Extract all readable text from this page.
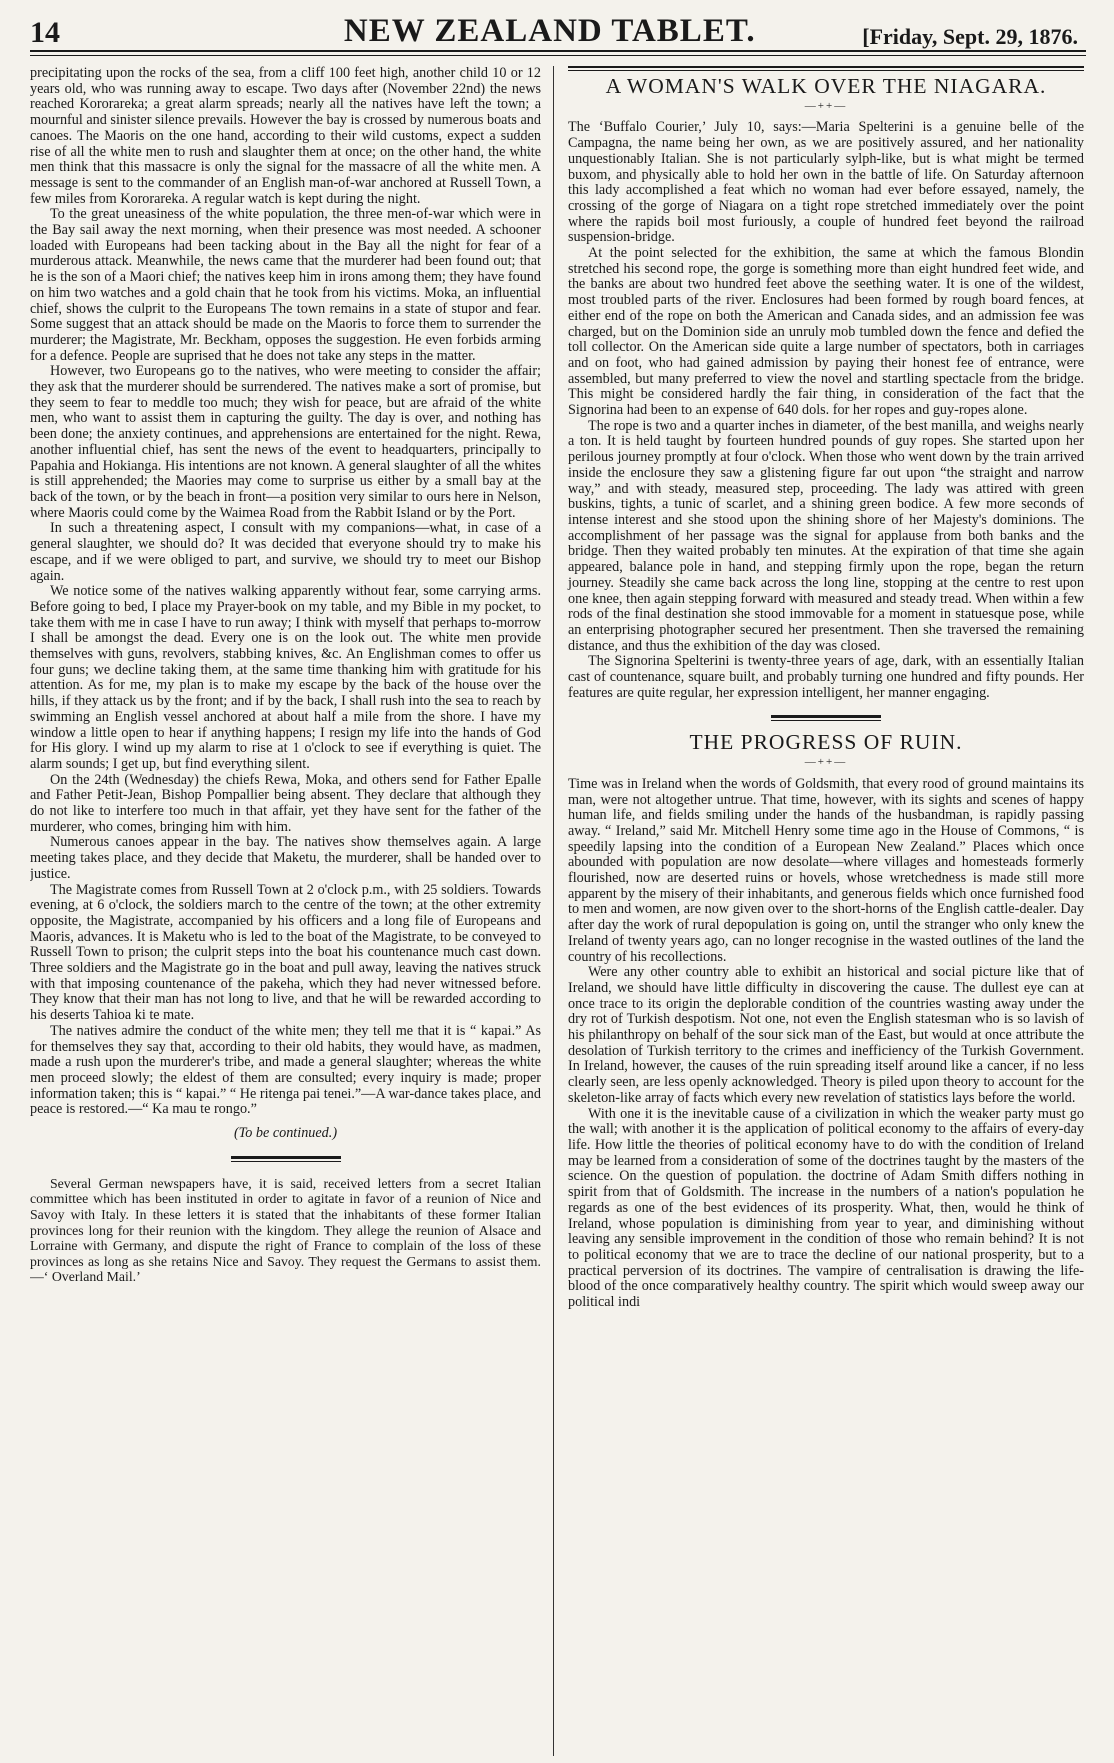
14	NEW ZEALAND TABLET.	[Friday, Sept. 29, 1876.

precipitating upon the rocks of the sea, from a cliff 100 feet high, another child 10 or 12 years old, who was running away to escape. Two days after (November 22nd) the news reached Kororareka; a great alarm spreads; nearly all the natives have left the town; a mournful and sinister silence prevails. However the bay is crossed by numerous boats and canoes. The Maoris on the one hand, according to their wild customs, expect a sudden rise of all the white men to rush and slaughter them at once; on the other hand, the white men think that this massacre is only the signal for the massacre of all the white men. A message is sent to the commander of an English man-of-war anchored at Russell Town, a few miles from Kororareka. A regular watch is kept during the night.

To the great uneasiness of the white population, the three men-of-war which were in the Bay sail away the next morning, when their presence was most needed. A schooner loaded with Europeans had been tacking about in the Bay all the night for fear of a murderous attack. Meanwhile, the news came that the murderer had been found out; that he is the son of a Maori chief; the natives keep him in irons among them; they have found on him two watches and a gold chain that he took from his victims. Moka, an influential chief, shows the culprit to the Europeans The town remains in a state of stupor and fear. Some suggest that an attack should be made on the Maoris to force them to surrender the murderer; the Magistrate, Mr. Beckham, opposes the suggestion. He even forbids arming for a defence. People are suprised that he does not take any steps in the matter.

However, two Europeans go to the natives, who were meeting to consider the affair; they ask that the murderer should be surrendered. The natives make a sort of promise, but they seem to fear to meddle too much; they wish for peace, but are afraid of the white men, who want to assist them in capturing the guilty. The day is over, and nothing has been done; the anxiety continues, and apprehensions are entertained for the night. Rewa, another influential chief, has sent the news of the event to headquarters, principally to Papahia and Hokianga. His intentions are not known. A general slaughter of all the whites is still apprehended; the Maories may come to surprise us either by a small bay at the back of the town, or by the beach in front—a position very similar to ours here in Nelson, where Maoris could come by the Waimea Road from the Rabbit Island or by the Port.

In such a threatening aspect, I consult with my companions—what, in case of a general slaughter, we should do? It was decided that everyone should try to make his escape, and if we were obliged to part, and survive, we should try to meet our Bishop again.

We notice some of the natives walking apparently without fear, some carrying arms. Before going to bed, I place my Prayer-book on my table, and my Bible in my pocket, to take them with me in case I have to run away; I think with myself that perhaps to-morrow I shall be amongst the dead. Every one is on the look out. The white men provide themselves with guns, revolvers, stabbing knives, &c. An Englishman comes to offer us four guns; we decline taking them, at the same time thanking him with gratitude for his attention. As for me, my plan is to make my escape by the back of the house over the hills, if they attack us by the front; and if by the back, I shall rush into the sea to reach by swimming an English vessel anchored at about half a mile from the shore. I have my window a little open to hear if anything happens; I resign my life into the hands of God for His glory. I wind up my alarm to rise at 1 o'clock to see if everything is quiet. The alarm sounds; I get up, but find everything silent.

On the 24th (Wednesday) the chiefs Rewa, Moka, and others send for Father Epalle and Father Petit-Jean, Bishop Pompallier being absent. They declare that although they do not like to interfere too much in that affair, yet they have sent for the father of the murderer, who comes, bringing him with him.

Numerous canoes appear in the bay. The natives show themselves again. A large meeting takes place, and they decide that Maketu, the murderer, shall be handed over to justice.

The Magistrate comes from Russell Town at 2 o'clock p.m., with 25 soldiers. Towards evening, at 6 o'clock, the soldiers march to the centre of the town; at the other extremity opposite, the Magistrate, accompanied by his officers and a long file of Europeans and Maoris, advances. It is Maketu who is led to the boat of the Magistrate, to be conveyed to Russell Town to prison; the culprit steps into the boat his countenance much cast down. Three soldiers and the Magistrate go in the boat and pull away, leaving the natives struck with that imposing countenance of the pakeha, which they had never witnessed before. They know that their man has not long to live, and that he will be rewarded according to his deserts Tahioa ki te mate.

The natives admire the conduct of the white men; they tell me that it is “ kapai.” As for themselves they say that, according to their old habits, they would have, as madmen, made a rush upon the murderer's tribe, and made a general slaughter; whereas the white men proceed slowly; the eldest of them are consulted; every inquiry is made; proper information taken; this is “ kapai.” “ He ritenga pai tenei.”—A war-dance takes place, and peace is restored.—“ Ka mau te rongo.”

(To be continued.)

Several German newspapers have, it is said, received letters from a secret Italian committee which has been instituted in order to agitate in favor of a reunion of Nice and Savoy with Italy. In these letters it is stated that the inhabitants of these former Italian provinces long for their reunion with the kingdom. They allege the reunion of Alsace and Lorraine with Germany, and dispute the right of France to complain of the loss of these provinces as long as she retains Nice and Savoy. They request the Germans to assist them.—‘ Overland Mail.’

A WOMAN'S WALK OVER THE NIAGARA.
—++—

The ‘Buffalo Courier,’ July 10, says:—Maria Spelterini is a genuine belle of the Campagna, the name being her own, as we are positively assured, and her nationality unquestionably Italian. She is not particularly sylph-like, but is what might be termed buxom, and physically able to hold her own in the battle of life. On Saturday afternoon this lady accomplished a feat which no woman had ever before essayed, namely, the crossing of the gorge of Niagara on a tight rope stretched immediately over the point where the rapids boil most furiously, a couple of hundred feet beyond the railroad suspension-bridge.

At the point selected for the exhibition, the same at which the famous Blondin stretched his second rope, the gorge is something more than eight hundred feet wide, and the banks are about two hundred feet above the seething water. It is one of the wildest, most troubled parts of the river. Enclosures had been formed by rough board fences, at either end of the rope on both the American and Canada sides, and an admission fee was charged, but on the Dominion side an unruly mob tumbled down the fence and defied the toll collector. On the American side quite a large number of spectators, both in carriages and on foot, who had gained admission by paying their honest fee of entrance, were assembled, but many preferred to view the novel and startling spectacle from the bridge. This might be considered hardly the fair thing, in consideration of the fact that the Signorina had been to an expense of 640 dols. for her ropes and guy-ropes alone.

The rope is two and a quarter inches in diameter, of the best manilla, and weighs nearly a ton. It is held taught by fourteen hundred pounds of guy ropes. She started upon her perilous journey promptly at four o'clock. When those who went down by the train arrived inside the enclosure they saw a glistening figure far out upon “the straight and narrow way,” and with steady, measured step, proceeding. The lady was attired with green buskins, tights, a tunic of scarlet, and a shining green bodice. A few more seconds of intense interest and she stood upon the shining shore of her Majesty's dominions. The accomplishment of her passage was the signal for applause from both banks and the bridge. Then they waited probably ten minutes. At the expiration of that time she again appeared, balance pole in hand, and stepping firmly upon the rope, began the return journey. Steadily she came back across the long line, stopping at the centre to rest upon one knee, then again stepping forward with measured and steady tread. When within a few rods of the final destination she stood immovable for a moment in statuesque pose, while an enterprising photographer secured her presentment. Then she traversed the remaining distance, and thus the exhibition of the day was closed.

The Signorina Spelterini is twenty-three years of age, dark, with an essentially Italian cast of countenance, square built, and probably turning one hundred and fifty pounds. Her features are quite regular, her expression intelligent, her manner engaging.

THE PROGRESS OF RUIN.
—++—

Time was in Ireland when the words of Goldsmith, that every rood of ground maintains its man, were not altogether untrue. That time, however, with its sights and scenes of happy human life, and fields smiling under the hands of the husbandman, is rapidly passing away. “ Ireland,” said Mr. Mitchell Henry some time ago in the House of Commons, “ is speedily lapsing into the condition of a European New Zealand.” Places which once abounded with population are now desolate—where villages and homesteads formerly flourished, now are deserted ruins or hovels, whose wretchedness is made still more apparent by the misery of their inhabitants, and generous fields which once furnished food to men and women, are now given over to the short-horns of the English cattle-dealer. Day after day the work of rural depopulation is going on, until the stranger who only knew the Ireland of twenty years ago, can no longer recognise in the wasted outlines of the land the country of his recollections.

Were any other country able to exhibit an historical and social picture like that of Ireland, we should have little difficulty in discovering the cause. The dullest eye can at once trace to its origin the deplorable condition of the countries wasting away under the dry rot of Turkish despotism. Not one, not even the English statesman who is so lavish of his philanthropy on behalf of the sour sick man of the East, but would at once attribute the desolation of Turkish territory to the crimes and inefficiency of the Turkish Government. In Ireland, however, the causes of the ruin spreading itself around like a cancer, if no less clearly seen, are less openly acknowledged. Theory is piled upon theory to account for the skeleton-like array of facts which every new revelation of statistics lays before the world.

With one it is the inevitable cause of a civilization in which the weaker party must go the wall; with another it is the application of political economy to the affairs of every-day life. How little the theories of political economy have to do with the condition of Ireland may be learned from a consideration of some of the doctrines taught by the masters of the science. On the question of population. the doctrine of Adam Smith differs nothing in spirit from that of Goldsmith. The increase in the numbers of a nation's population he regards as one of the best evidences of its prosperity. What, then, would he think of Ireland, whose population is diminishing from year to year, and diminishing without leaving any sensible improvement in the condition of those who remain behind? It is not to political economy that we are to trace the decline of our national prosperity, but to a practical perversion of its doctrines. The vampire of centralisation is drawing the life-blood of the once comparatively healthy country. The spirit which would sweep away our political indi
